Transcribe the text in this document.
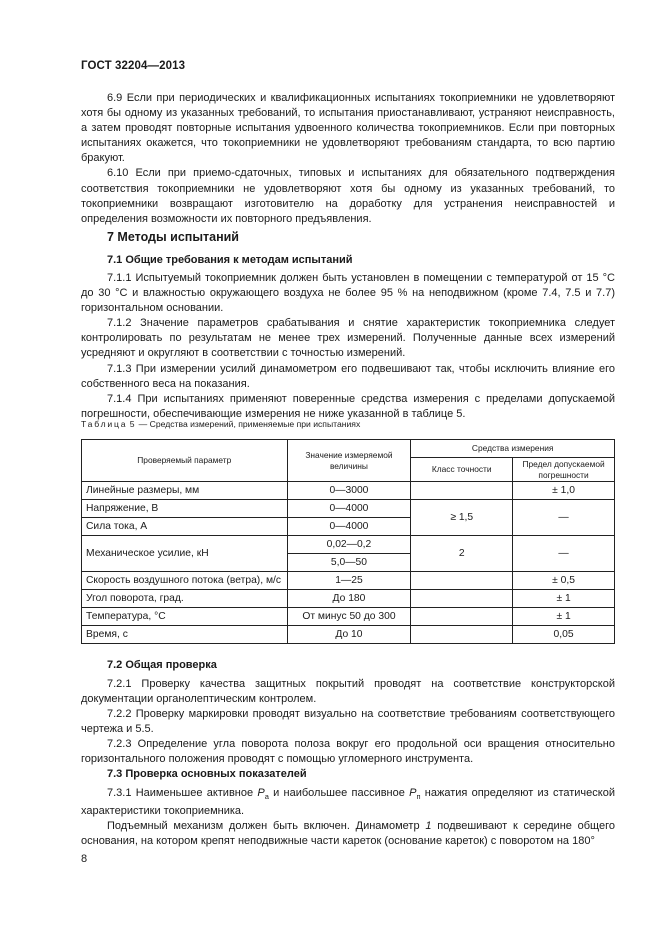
ГОСТ 32204—2013

6.9 Если при периодических и квалификационных испытаниях токоприемники не удовлетворяют хотя бы одному из указанных требований, то испытания приостанавливают, устраняют неисправность, а затем проводят повторные испытания удвоенного количества токоприемников. Если при повторных испытаниях окажется, что токоприемники не удовлетворяют требованиям стандарта, то всю партию бракуют.

6.10 Если при приемо-сдаточных, типовых и испытаниях для обязательного подтверждения соответствия токоприемники не удовлетворяют хотя бы одному из указанных требований, то токоприемники возвращают изготовителю на доработку для устранения неисправностей и определения возможности их повторного предъявления.

7 Методы испытаний
7.1 Общие требования к методам испытаний

7.1.1 Испытуемый токоприемник должен быть установлен в помещении с температурой от 15 °С до 30 °С и влажностью окружающего воздуха не более 95 % на неподвижном (кроме 7.4, 7.5 и 7.7) горизонтальном основании.

7.1.2 Значение параметров срабатывания и снятие характеристик токоприемника следует контролировать по результатам не менее трех измерений. Полученные данные всех измерений усредняют и округляют в соответствии с точностью измерений.

7.1.3 При измерении усилий динамометром его подвешивают так, чтобы исключить влияние его собственного веса на показания.

7.1.4 При испытаниях применяют поверенные средства измерения с пределами допускаемой погрешности, обеспечивающие измерения не ниже указанной в таблице 5.

Таблица 5 — Средства измерений, применяемые при испытаниях
Проверяемый параметр	Значение измеряемой величины	Средства измерения	
		Класс точности	Предел допускаемой погрешности
Линейные размеры, мм	0—3000		± 1,0
Напряжение, В	0—4000	≥ 1,5	—
Сила тока, А	0—4000		
Механическое усилие, кН	0,02—0,2	2	—
	5,0—50		
Скорость воздушного потока (ветра), м/с	1—25		± 0,5
Угол поворота, град.	До 180		± 1
Температура, °С	От минус 50 до 300		± 1
Время, с	До 10		0,05
7.2 Общая проверка

7.2.1 Проверку качества защитных покрытий проводят на соответствие конструкторской документации органолептическим контролем.

7.2.2 Проверку маркировки проводят визуально на соответствие требованиям соответствующего чертежа и 5.5.

7.2.3 Определение угла поворота полоза вокруг его продольной оси вращения относительно горизонтального положения проводят с помощью угломерного инструмента.

7.3 Проверка основных показателей

7.3.1 Наименьшее активное $P_а$ и наибольшее пассивное $P_п$ нажатия определяют из статической характеристики токоприемника.

Подъемный механизм должен быть включен. Динамометр 1 подвешивают к середине общего основания, на котором крепят неподвижные части кареток (основание кареток) с поворотом на 180°

8
